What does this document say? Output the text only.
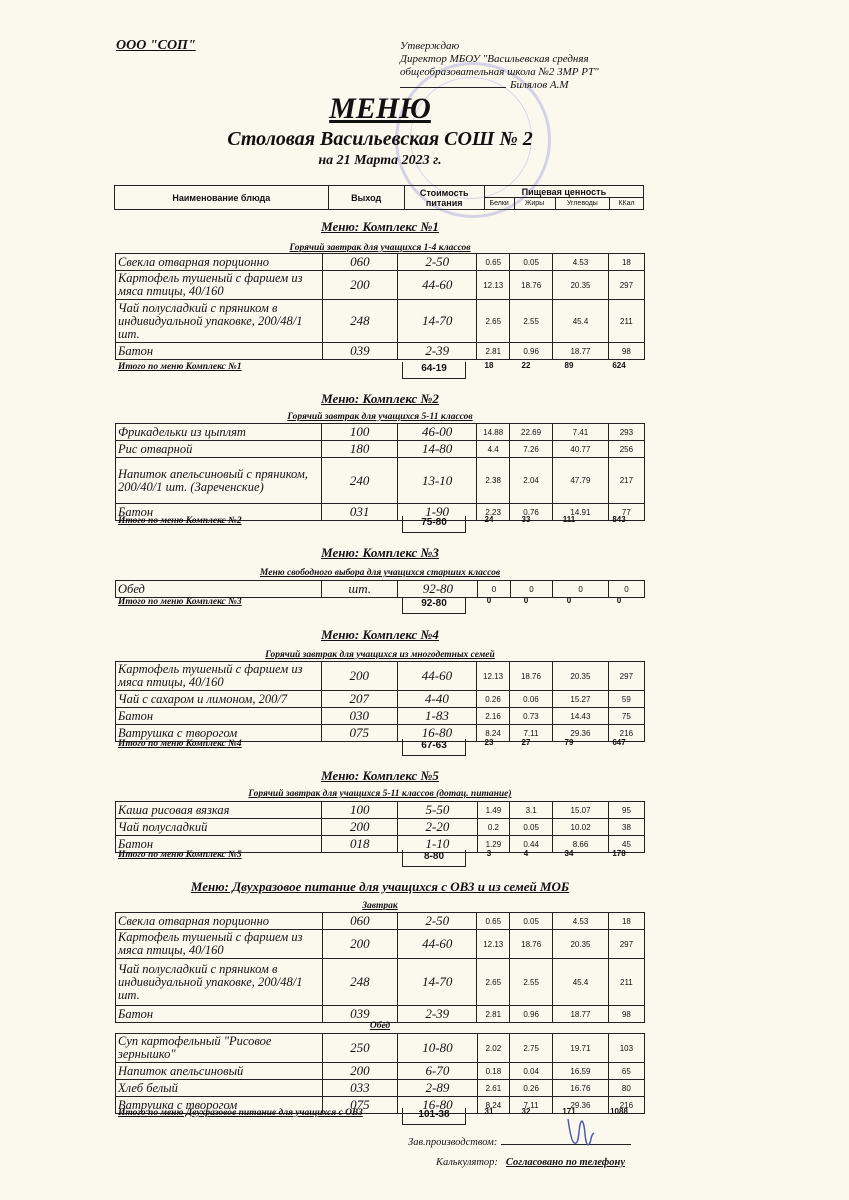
ООО "СОП"	Утверждаю
Директор МБОУ "Васильевская средняя
общеобразовательная школа №2 ЗМР РТ"
Билялов А.М
МЕНЮ
Столовая Васильевская СОШ № 2
на 21 Марта 2023 г.
Наименование блюда	Выход	Стоимость питания	Пищевая ценность			
			Белки	Жиры	Углеводы	ККал
Меню: Комплекс №1
Горячий завтрак для учащихся 1-4 классов
Свекла отварная порционно	060	2-50	0.65	0.05	4.53	18
Картофель тушеный с фаршем из мяса птицы, 40/160	200	44-60	12.13	18.76	20.35	297
Чай полусладкий с пряником в индивидуальной упаковке, 200/48/1 шт.	248	14-70	2.65	2.55	45.4	211
Батон	039	2-39	2.81	0.96	18.77	98
Итого по меню Комплекс №1	64-19	18	22	89	624
Меню: Комплекс №2
Горячий завтрак для учащихся 5-11 классов
Фрикадельки из цыплят	100	46-00	14.88	22.69	7.41	293
Рис отварной	180	14-80	4.4	7.26	40.77	256
Напиток апельсиновый с пряником, 200/40/1 шт. (Зареченские)	240	13-10	2.38	2.04	47.79	217
Батон	031	1-90	2.23	0.76	14.91	77
Итого по меню Комплекс №2	75-80	24	33	111	843
Меню: Комплекс №3
Меню свободного выбора для учащихся старших классов
Обед	шт.	92-80	0	0	0	0
Итого по меню Комплекс №3	92-80	0	0	0	0
Меню: Комплекс №4
Горячий завтрак для учащихся из многодетных семей
Картофель тушеный с фаршем из мяса птицы, 40/160	200	44-60	12.13	18.76	20.35	297
Чай с сахаром и лимоном, 200/7	207	4-40	0.26	0.06	15.27	59
Батон	030	1-83	2.16	0.73	14.43	75
Ватрушка с творогом	075	16-80	8.24	7.11	29.36	216
Итого по меню Комплекс №4	67-63	23	27	79	647
Меню: Комплекс №5
Горячий завтрак для учащихся 5-11 классов (дотац. питание)
Каша рисовая вязкая	100	5-50	1.49	3.1	15.07	95
Чай полусладкий	200	2-20	0.2	0.05	10.02	38
Батон	018	1-10	1.29	0.44	8.66	45
Итого по меню Комплекс №5	8-80	3	4	34	178
Меню: Двухразовое питание для учащихся с ОВЗ и из семей МОБ
Завтрак
Свекла отварная порционно	060	2-50	0.65	0.05	4.53	18
Картофель тушеный с фаршем из мяса птицы, 40/160	200	44-60	12.13	18.76	20.35	297
Чай полусладкий с пряником в индивидуальной упаковке, 200/48/1 шт.	248	14-70	2.65	2.55	45.4	211
Батон	039	2-39	2.81	0.96	18.77	98
Обед
Суп картофельный "Рисовое зернышко"	250	10-80	2.02	2.75	19.71	103
Напиток апельсиновый	200	6-70	0.18	0.04	16.59	65
Хлеб белый	033	2-89	2.61	0.26	16.76	80
Ватрушка с творогом	075	16-80	8.24	7.11	29.36	216
Итого по меню Двухразовое питание для учащихся с ОВЗ	101-38	31	32	171	1088
Зав.производством:
Калькулятор: Согласовано по телефону
